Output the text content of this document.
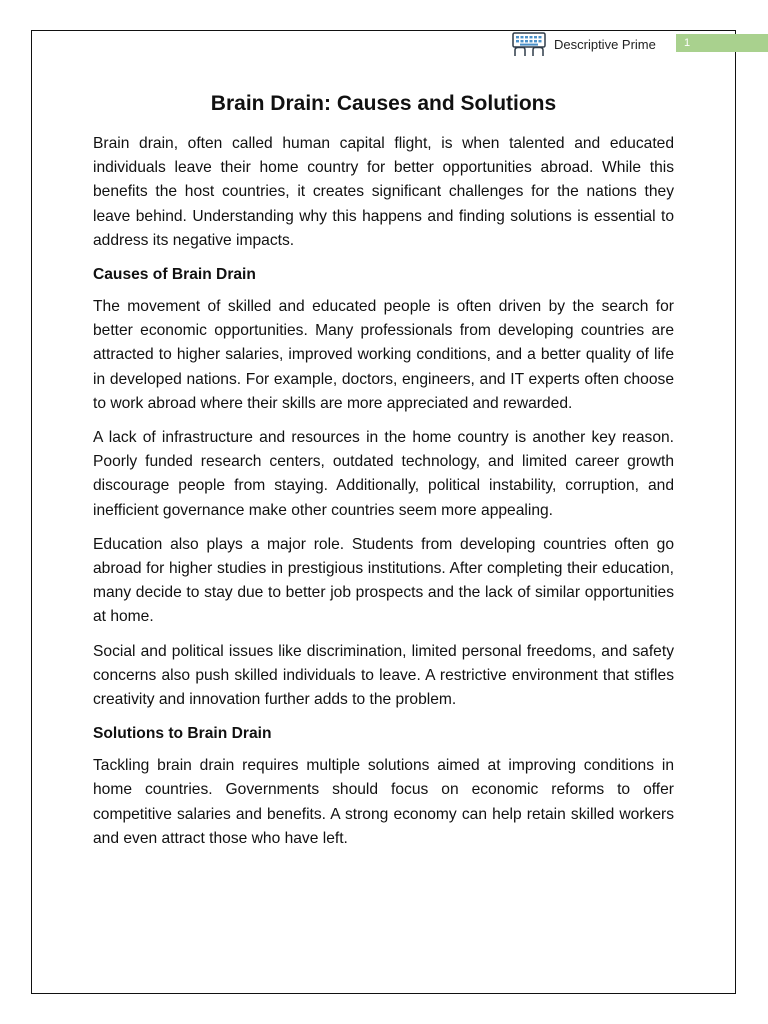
Descriptive Prime	1
Brain Drain: Causes and Solutions

Brain drain, often called human capital flight, is when talented and educated individuals leave their home country for better opportunities abroad. While this benefits the host countries, it creates significant challenges for the nations they leave behind. Understanding why this happens and finding solutions is essential to address its negative impacts.

Causes of Brain Drain

The movement of skilled and educated people is often driven by the search for better economic opportunities. Many professionals from developing countries are attracted to higher salaries, improved working conditions, and a better quality of life in developed nations. For example, doctors, engineers, and IT experts often choose to work abroad where their skills are more appreciated and rewarded.

A lack of infrastructure and resources in the home country is another key reason. Poorly funded research centers, outdated technology, and limited career growth discourage people from staying. Additionally, political instability, corruption, and inefficient governance make other countries seem more appealing.

Education also plays a major role. Students from developing countries often go abroad for higher studies in prestigious institutions. After completing their education, many decide to stay due to better job prospects and the lack of similar opportunities at home.

Social and political issues like discrimination, limited personal freedoms, and safety concerns also push skilled individuals to leave. A restrictive environment that stifles creativity and innovation further adds to the problem.

Solutions to Brain Drain

Tackling brain drain requires multiple solutions aimed at improving conditions in home countries. Governments should focus on economic reforms to offer competitive salaries and benefits. A strong economy can help retain skilled workers and even attract those who have left.
